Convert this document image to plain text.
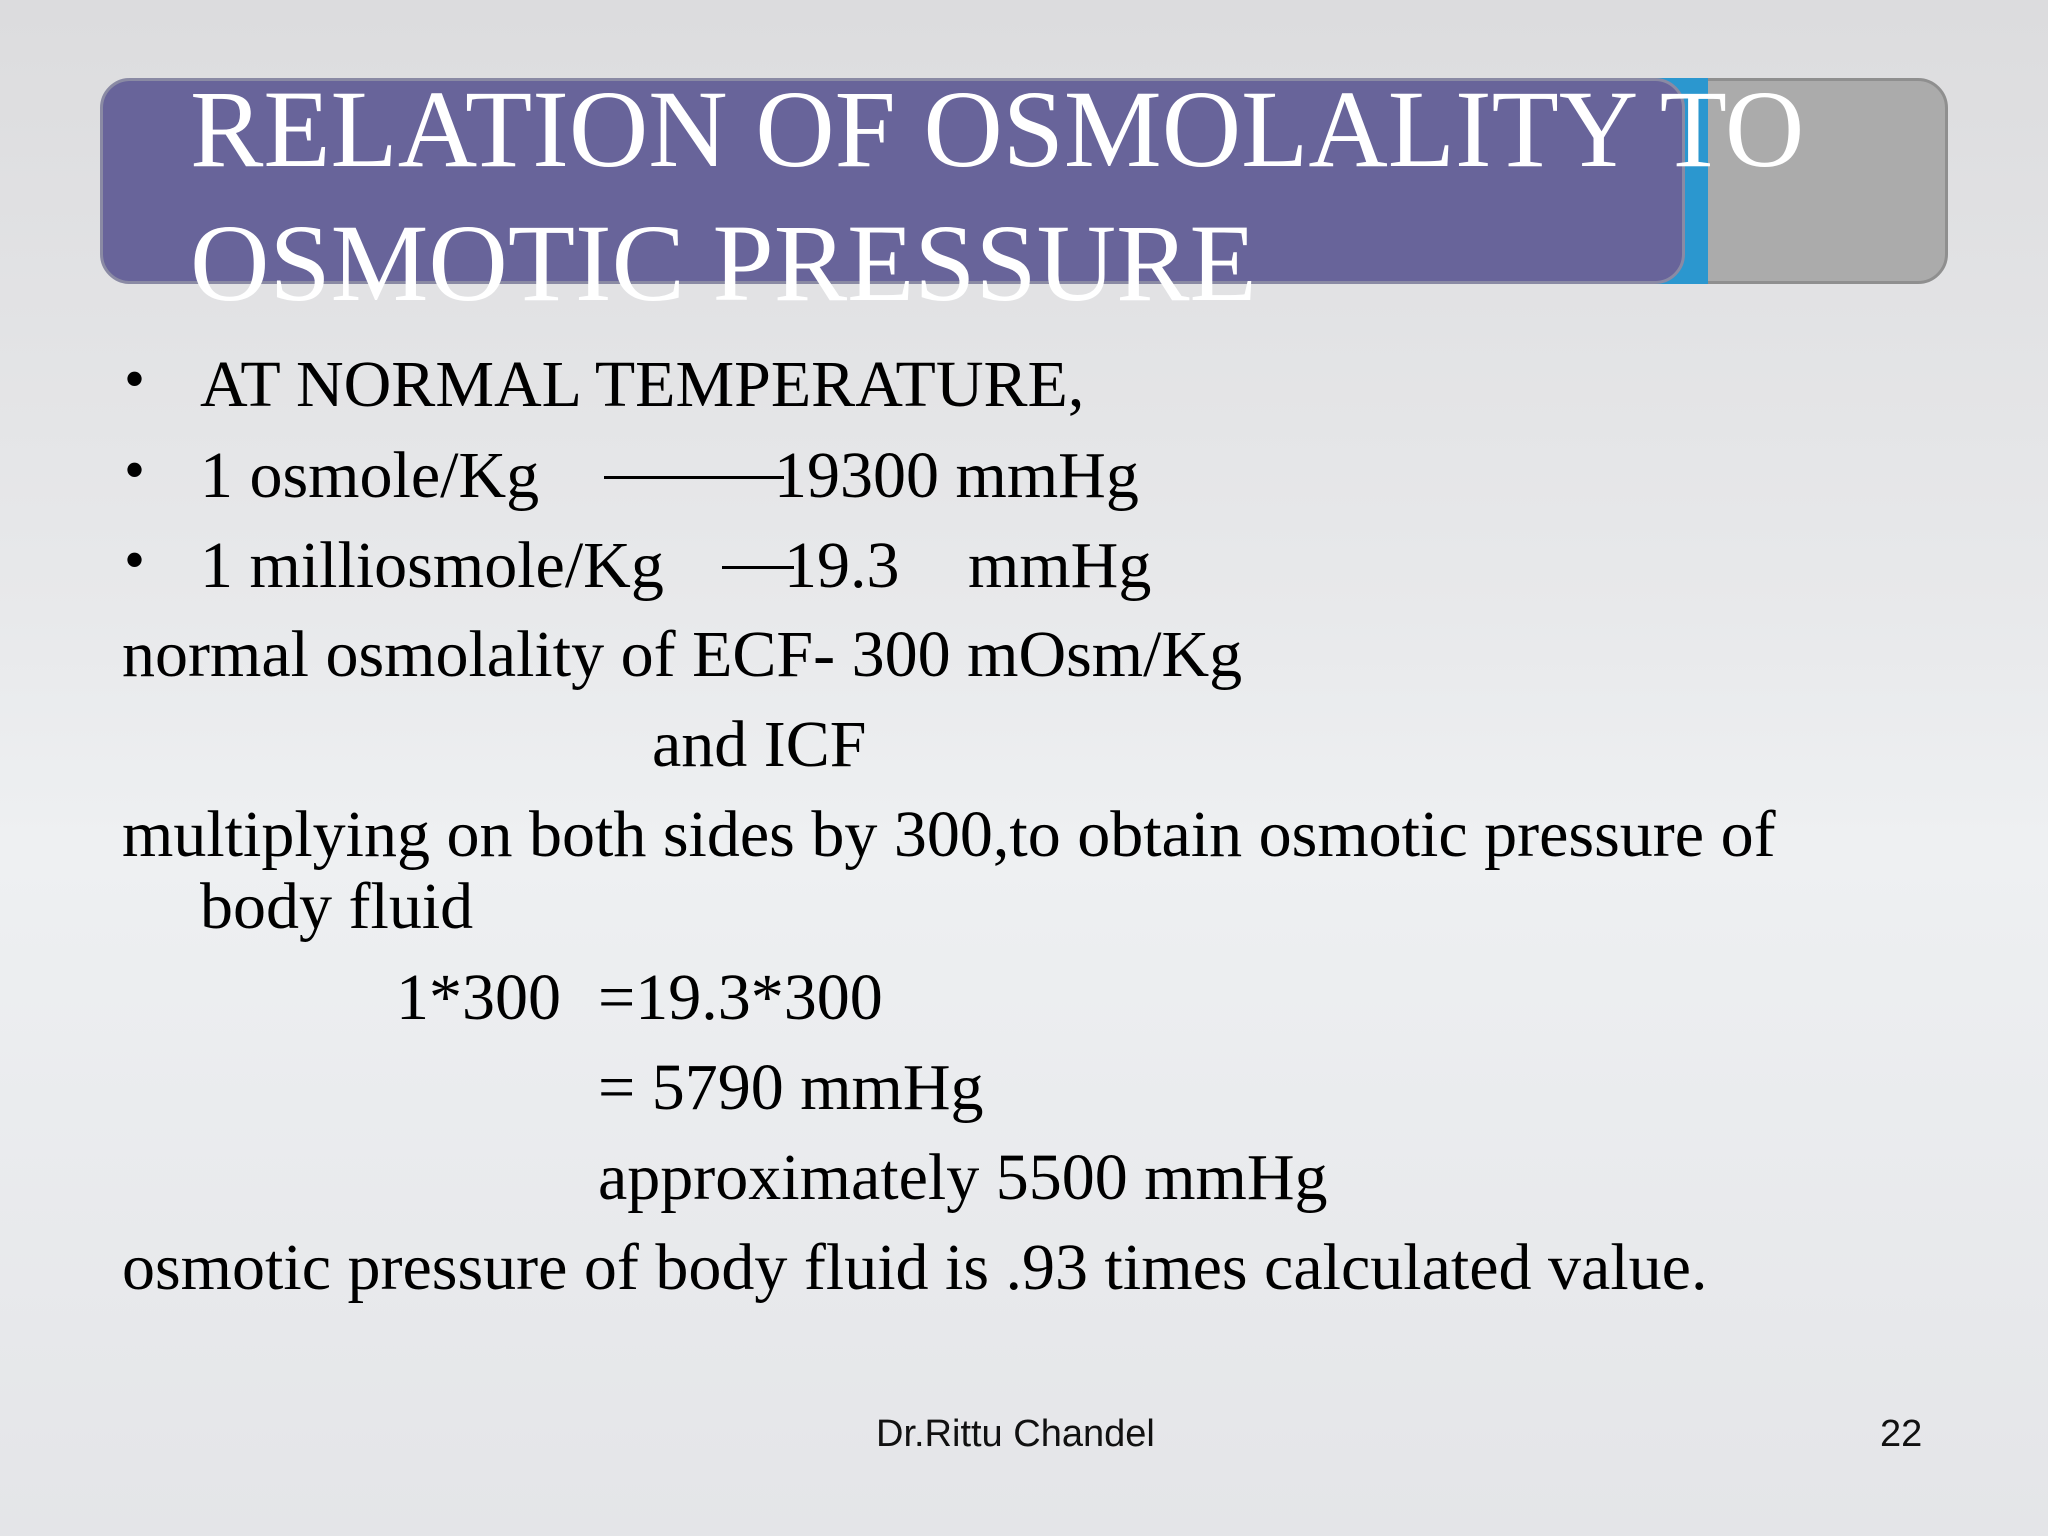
RELATION OF OSMOLALITY TO OSMOTIC PRESSURE
• AT NORMAL TEMPERATURE,
• 1 osmole/Kg	19300 mmHg
• 1 milliosmole/Kg 19.3 mmHg
normal osmolality of ECF- 300 mOsm/Kg
and ICF
multiplying on both sides by 300,to obtain osmotic pressure of
body fluid
1*300 =19.3*300
= 5790 mmHg
approximately 5500 mmHg
osmotic pressure of body fluid is .93 times calculated value.
Dr.Rittu Chandel	22
